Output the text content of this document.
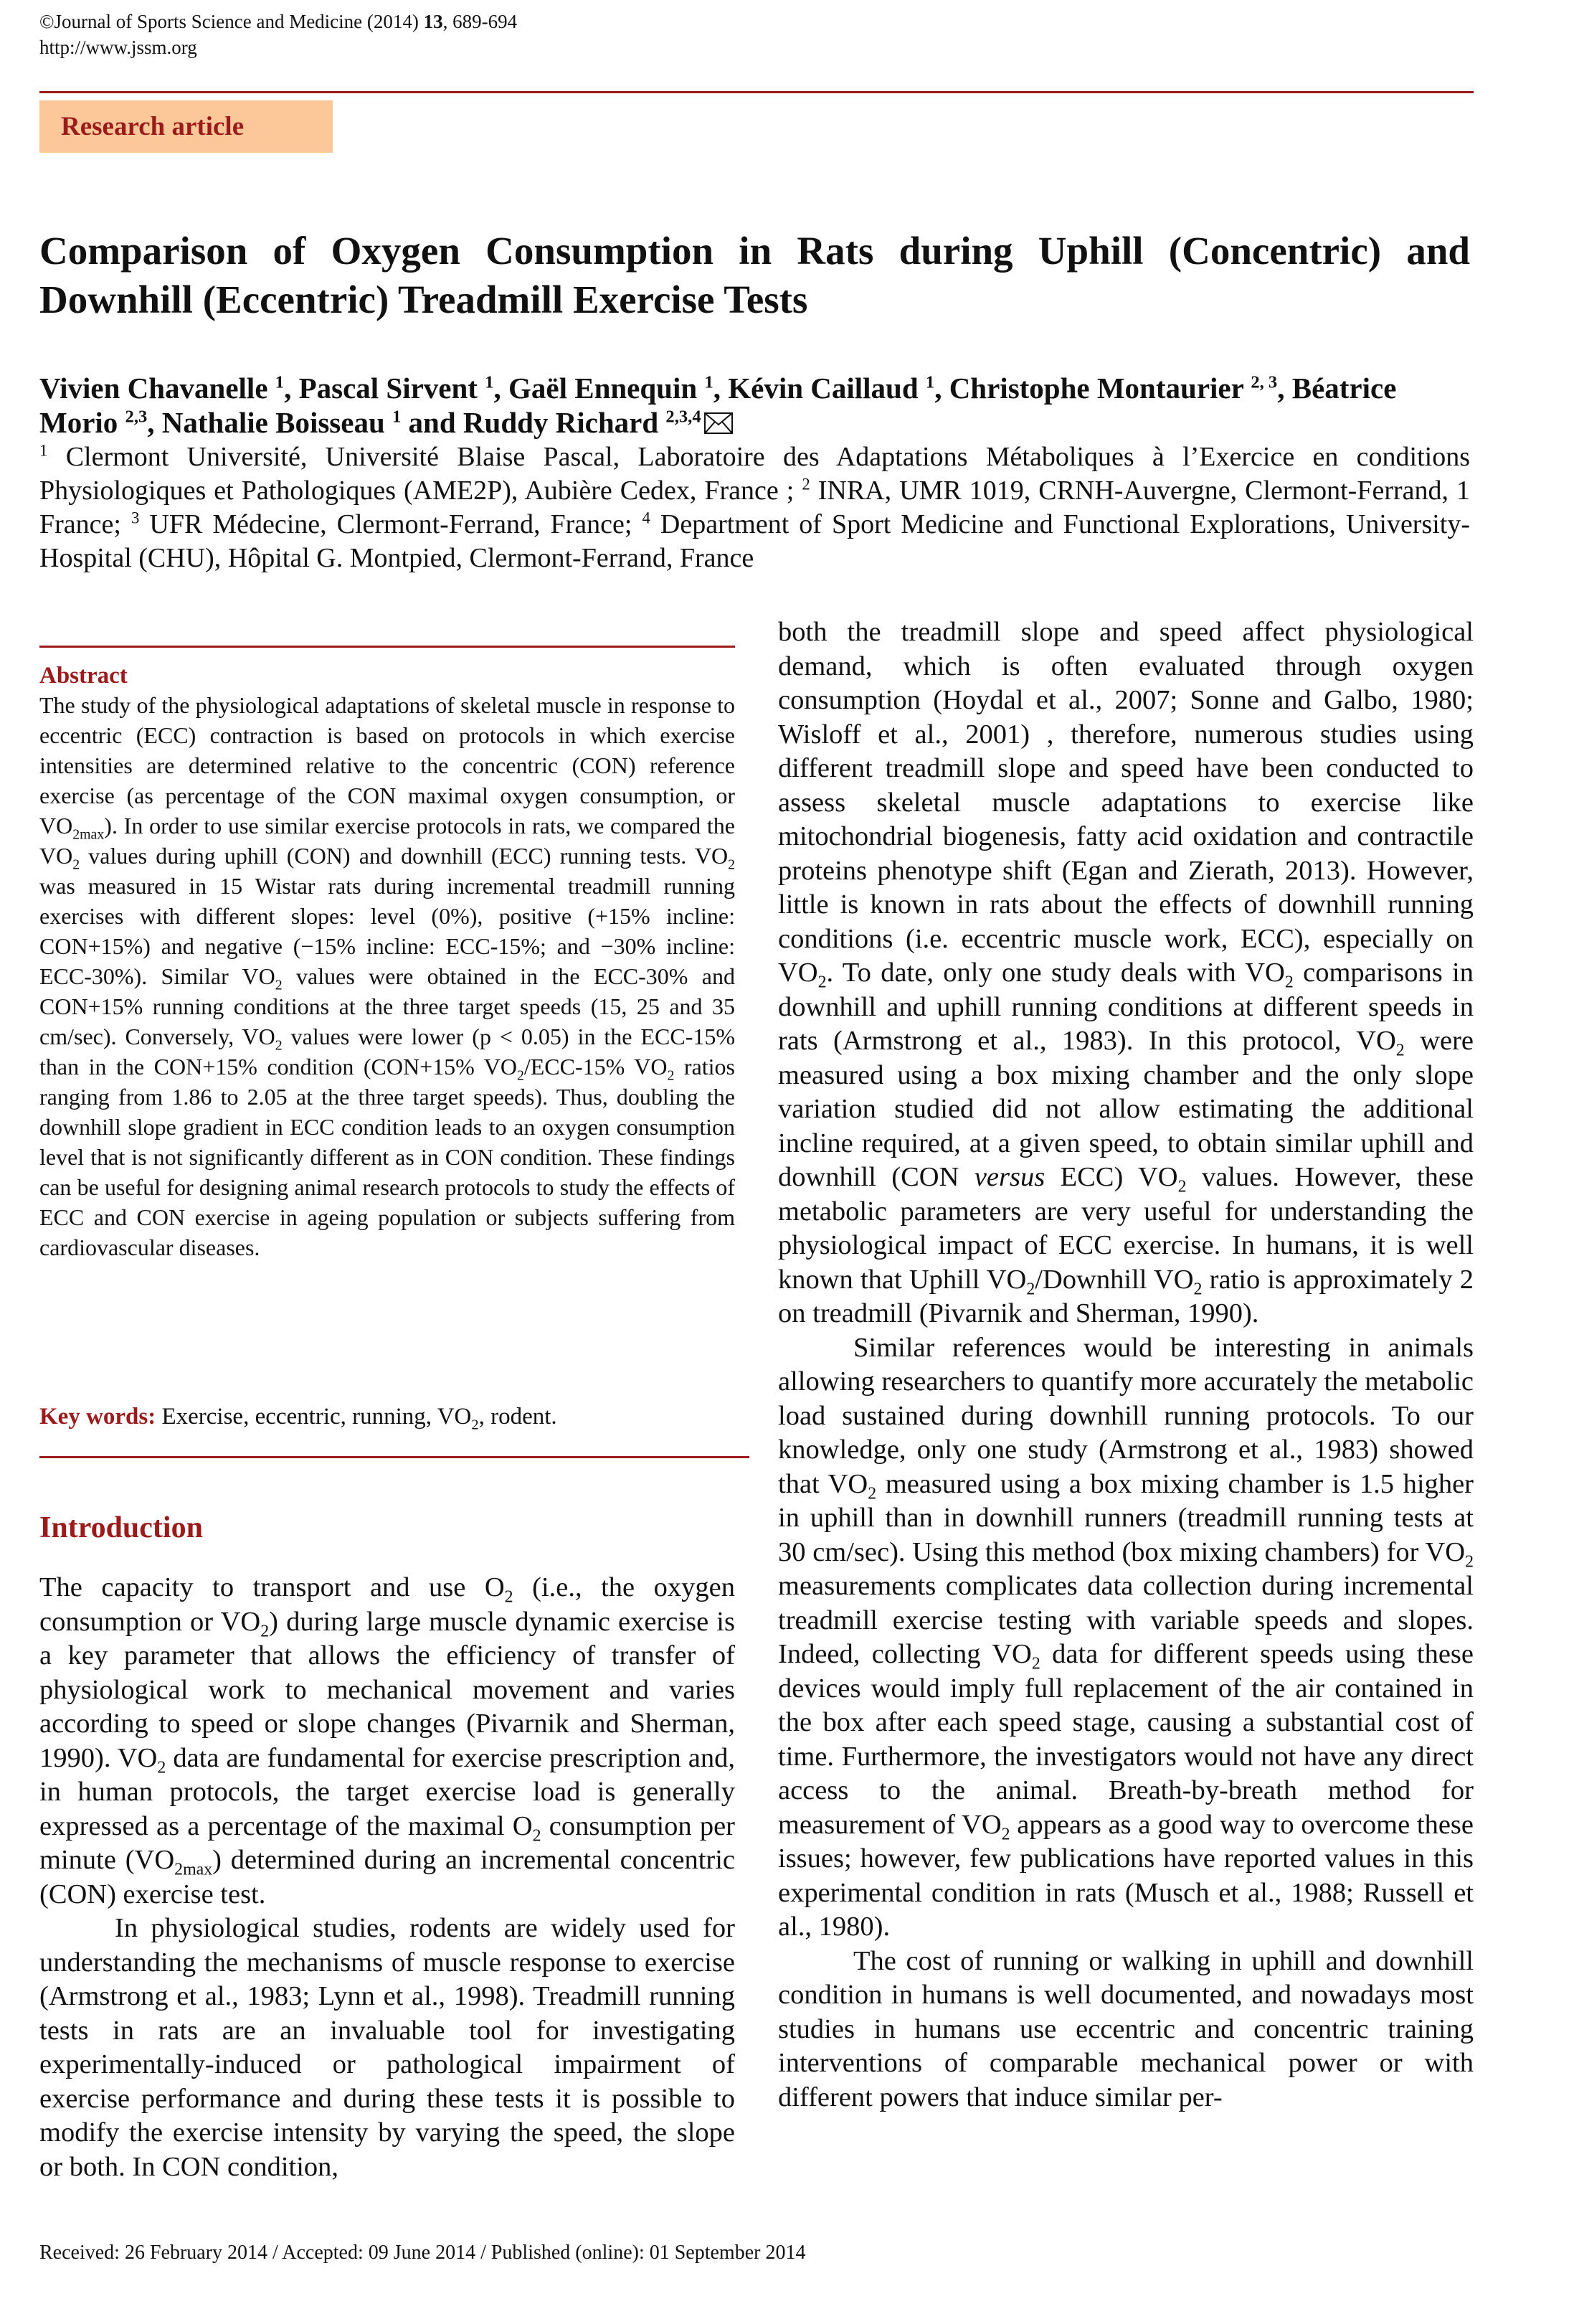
©Journal of Sports Science and Medicine (2014) 13, 689-694
http://www.jssm.org
Research article
Comparison of Oxygen Consumption in Rats during Uphill (Concentric) and Downhill (Eccentric) Treadmill Exercise Tests
Vivien Chavanelle $^1$, Pascal Sirvent $^1$, Gaël Ennequin $^1$, Kévin Caillaud $^1$, Christophe Montaurier $^{2, 3}$, Béatrice Morio $^{2,3}$, Nathalie Boisseau $^1$ and Ruddy Richard $^{2,3,4}$
$^1$ Clermont Université, Université Blaise Pascal, Laboratoire des Adaptations Métaboliques à l’Exercice en conditions Physiologiques et Pathologiques (AME2P), Aubière Cedex, France ; $^2$ INRA, UMR 1019, CRNH-Auvergne, Clermont-Ferrand, 1 France; $^3$ UFR Médecine, Clermont-Ferrand, France; $^4$ Department of Sport Medicine and Functional Explorations, University-Hospital (CHU), Hôpital G. Montpied, Clermont-Ferrand, France
Abstract
The study of the physiological adaptations of skeletal muscle in response to eccentric (ECC) contraction is based on protocols in which exercise intensities are determined relative to the concentric (CON) reference exercise (as percentage of the CON maximal oxygen consumption, or $VO_{2max}$). In order to use similar exercise protocols in rats, we compared the $VO_2$ values during uphill (CON) and downhill (ECC) running tests. $VO_2$ was measured in 15 Wistar rats during incremental treadmill running exercises with different slopes: level (0%), positive (+15% incline: CON+15%) and negative (−15% incline: ECC-15%; and −30% incline: ECC-30%). Similar $VO_2$ values were obtained in the ECC-30% and CON+15% running conditions at the three target speeds (15, 25 and 35 cm/sec). Conversely, $VO_2$ values were lower (p < 0.05) in the ECC-15% than in the CON+15% condition (CON+15% $VO_2/ECC-15\%$ $VO_2$ ratios ranging from 1.86 to 2.05 at the three target speeds). Thus, doubling the downhill slope gradient in ECC condition leads to an oxygen consumption level that is not significantly different as in CON condition. These findings can be useful for designing animal research protocols to study the effects of ECC and CON exercise in ageing population or subjects suffering from cardiovascular diseases.
Key words: Exercise, eccentric, running, $VO_2$, rodent.
Introduction

The capacity to transport and use $O_2$ (i.e., the oxygen consumption or $VO_2$) during large muscle dynamic exercise is a key parameter that allows the efficiency of transfer of physiological work to mechanical movement and varies according to speed or slope changes (Pivarnik and Sherman, 1990). $VO_2$ data are fundamental for exercise prescription and, in human protocols, the target exercise load is generally expressed as a percentage of the maximal $O_2$ consumption per minute $(VO_{2max})$ determined during an incremental concentric (CON) exercise test.

In physiological studies, rodents are widely used for understanding the mechanisms of muscle response to exercise (Armstrong et al., 1983; Lynn et al., 1998). Treadmill running tests in rats are an invaluable tool for investigating experimentally-induced or pathological impairment of exercise performance and during these tests it is possible to modify the exercise intensity by varying the speed, the slope or both. In CON condition,

both the treadmill slope and speed affect physiological demand, which is often evaluated through oxygen consumption (Hoydal et al., 2007; Sonne and Galbo, 1980; Wisloff et al., 2001) , therefore, numerous studies using different treadmill slope and speed have been conducted to assess skeletal muscle adaptations to exercise like mitochondrial biogenesis, fatty acid oxidation and contractile proteins phenotype shift (Egan and Zierath, 2013). However, little is known in rats about the effects of downhill running conditions (i.e. eccentric muscle work, ECC), especially on $VO_2$. To date, only one study deals with $VO_2$ comparisons in downhill and uphill running conditions at different speeds in rats (Armstrong et al., 1983). In this protocol, $VO_2$ were measured using a box mixing chamber and the only slope variation studied did not allow estimating the additional incline required, at a given speed, to obtain similar uphill and downhill (CON versus ECC) $VO_2$ values. However, these metabolic parameters are very useful for understanding the physiological impact of ECC exercise. In humans, it is well known that Uphill $VO_2$/Downhill $VO_2$ ratio is approximately 2 on treadmill (Pivarnik and Sherman, 1990).

Similar references would be interesting in animals allowing researchers to quantify more accurately the metabolic load sustained during downhill running protocols. To our knowledge, only one study (Armstrong et al., 1983) showed that $VO_2$ measured using a box mixing chamber is 1.5 higher in uphill than in downhill runners (treadmill running tests at 30 cm/sec). Using this method (box mixing chambers) for $VO_2$ measurements complicates data collection during incremental treadmill exercise testing with variable speeds and slopes. Indeed, collecting $VO_2$ data for different speeds using these devices would imply full replacement of the air contained in the box after each speed stage, causing a substantial cost of time. Furthermore, the investigators would not have any direct access to the animal. Breath-by-breath method for measurement of $VO_2$ appears as a good way to overcome these issues; however, few publications have reported values in this experimental condition in rats (Musch et al., 1988; Russell et al., 1980).

The cost of running or walking in uphill and downhill condition in humans is well documented, and nowadays most studies in humans use eccentric and concentric training interventions of comparable mechanical power or with different powers that induce similar per-

Received: 26 February 2014 / Accepted: 09 June 2014 / Published (online): 01 September 2014
